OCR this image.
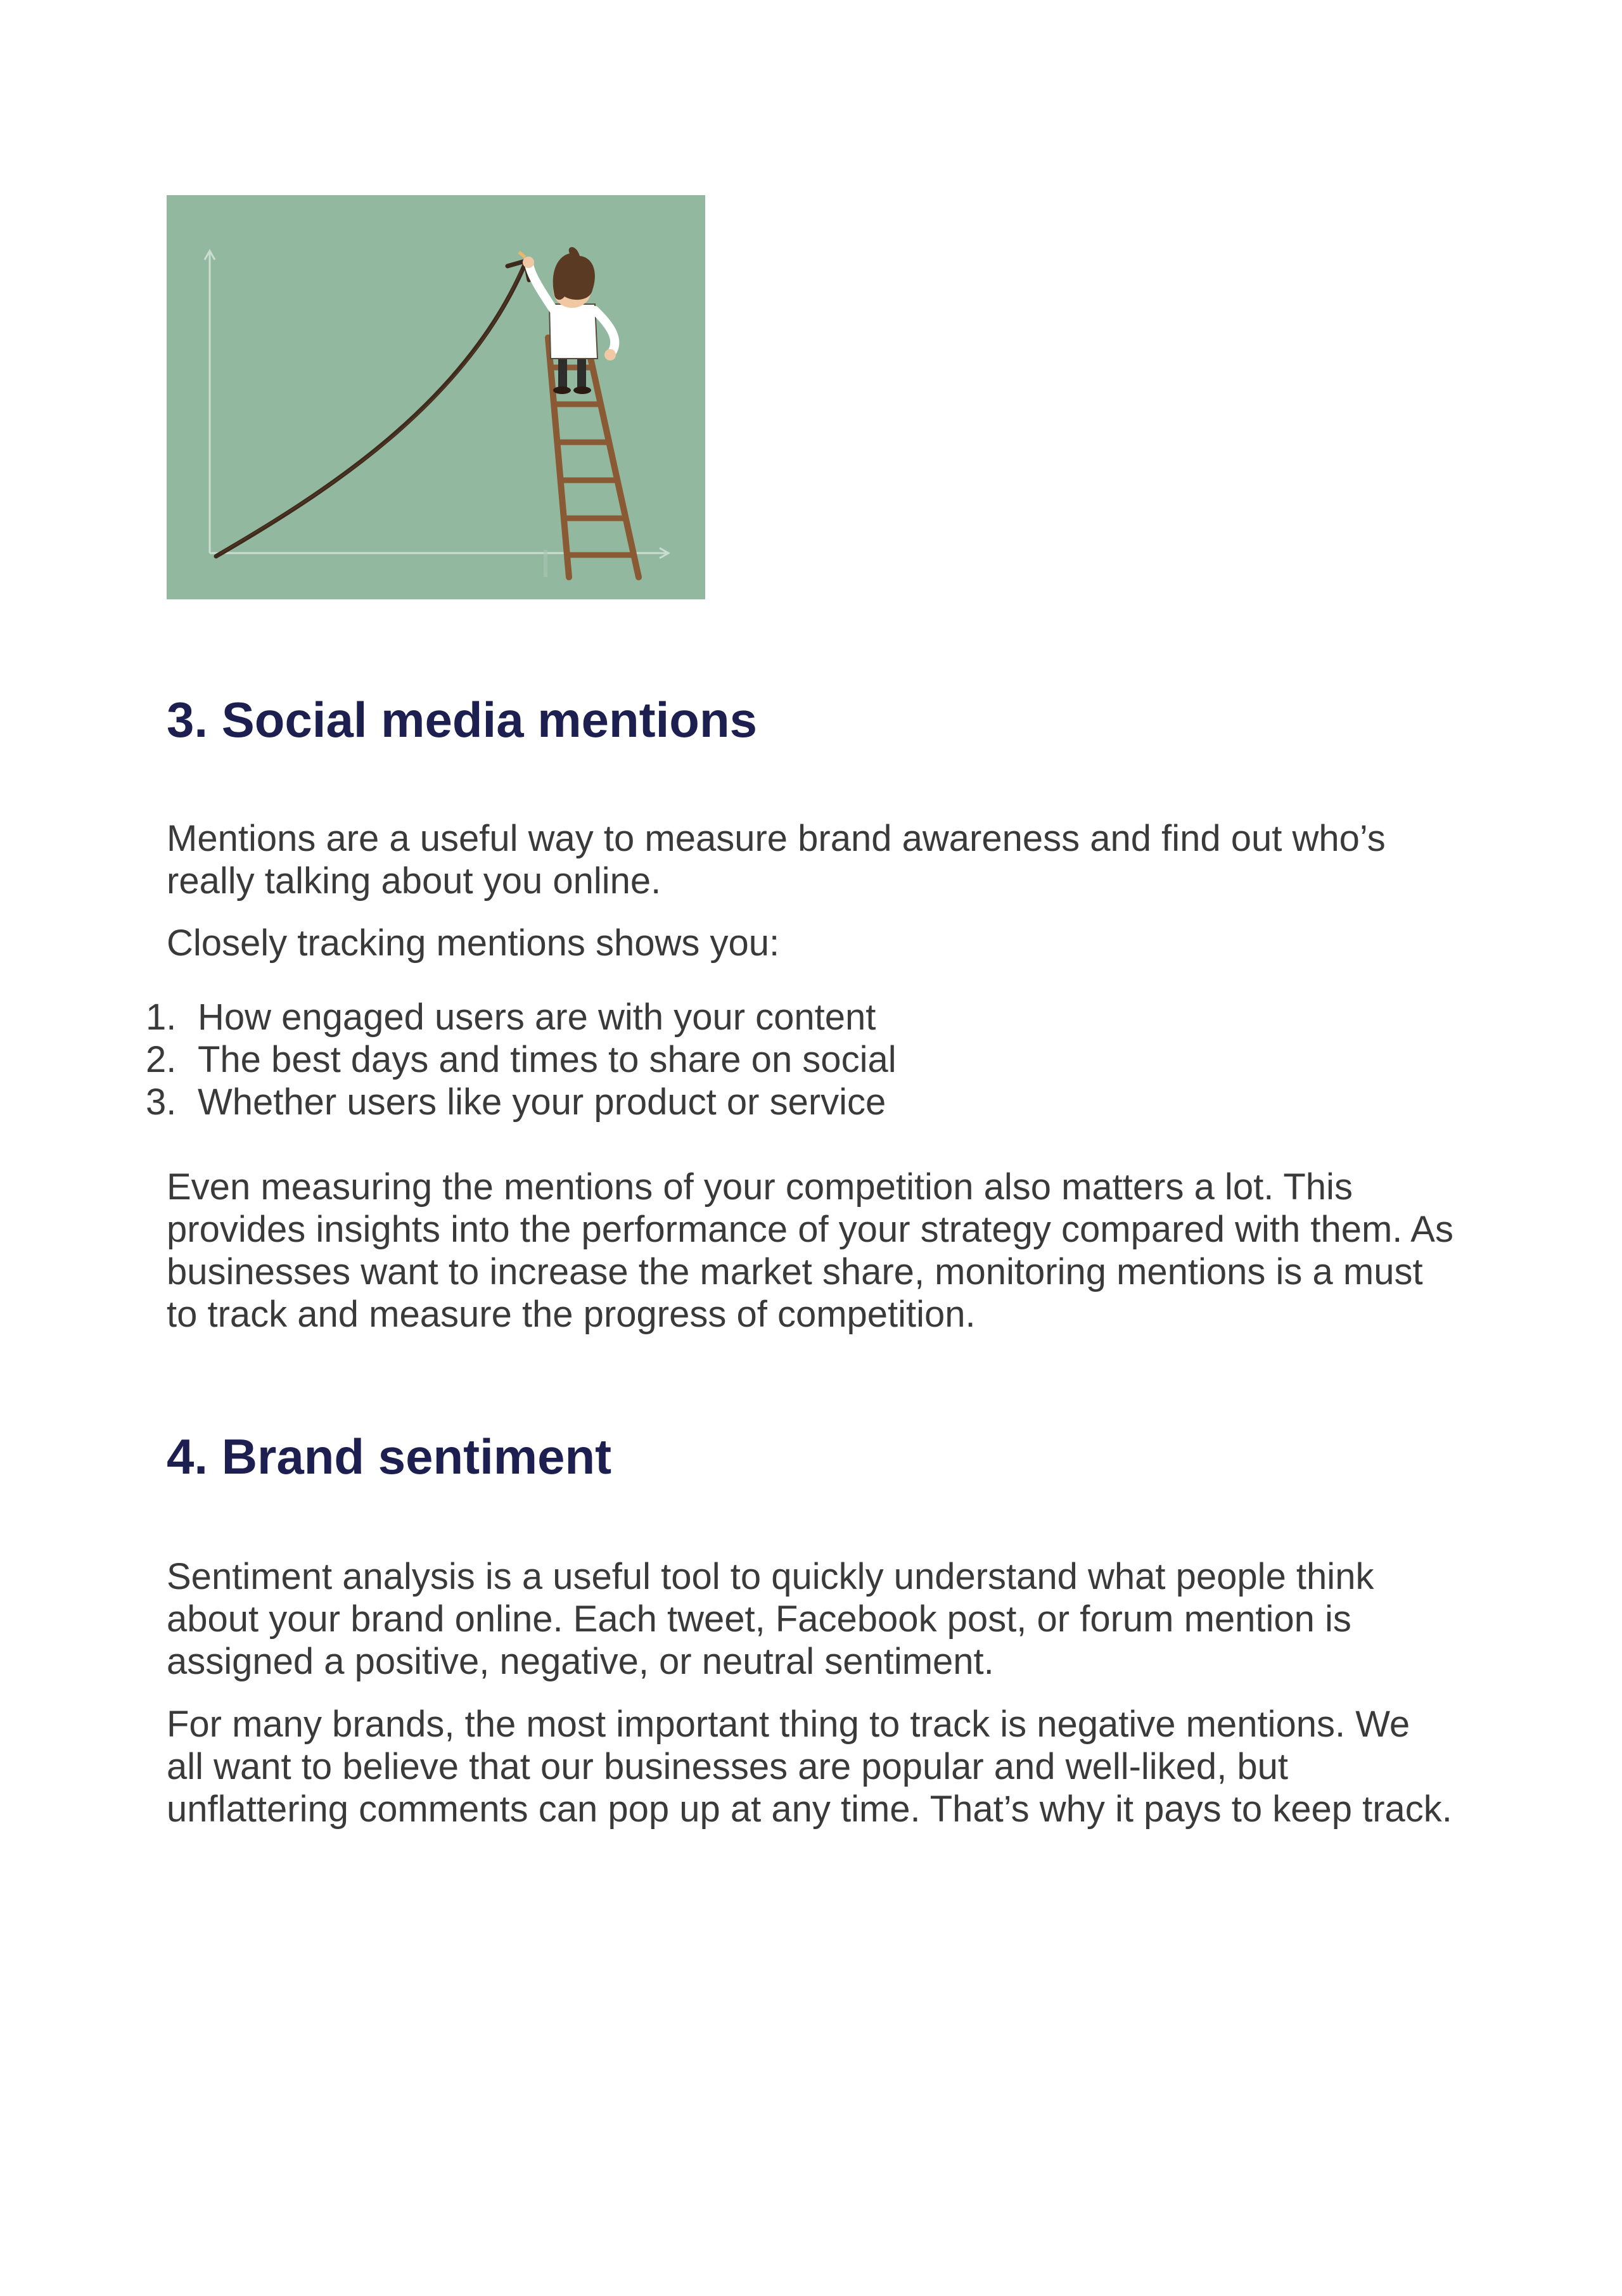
3. Social media mentions

Mentions are a useful way to measure brand awareness and find out who’s
really talking about you online.

Closely tracking mentions shows you:

1. How engaged users are with your content
2. The best days and times to share on social
3. Whether users like your product or service

Even measuring the mentions of your competition also matters a lot. This
provides insights into the performance of your strategy compared with them. As
businesses want to increase the market share, monitoring mentions is a must
to track and measure the progress of competition.

4. Brand sentiment

Sentiment analysis is a useful tool to quickly understand what people think
about your brand online. Each tweet, Facebook post, or forum mention is
assigned a positive, negative, or neutral sentiment.

For many brands, the most important thing to track is negative mentions. We
all want to believe that our businesses are popular and well-liked, but
unflattering comments can pop up at any time. That’s why it pays to keep track.
